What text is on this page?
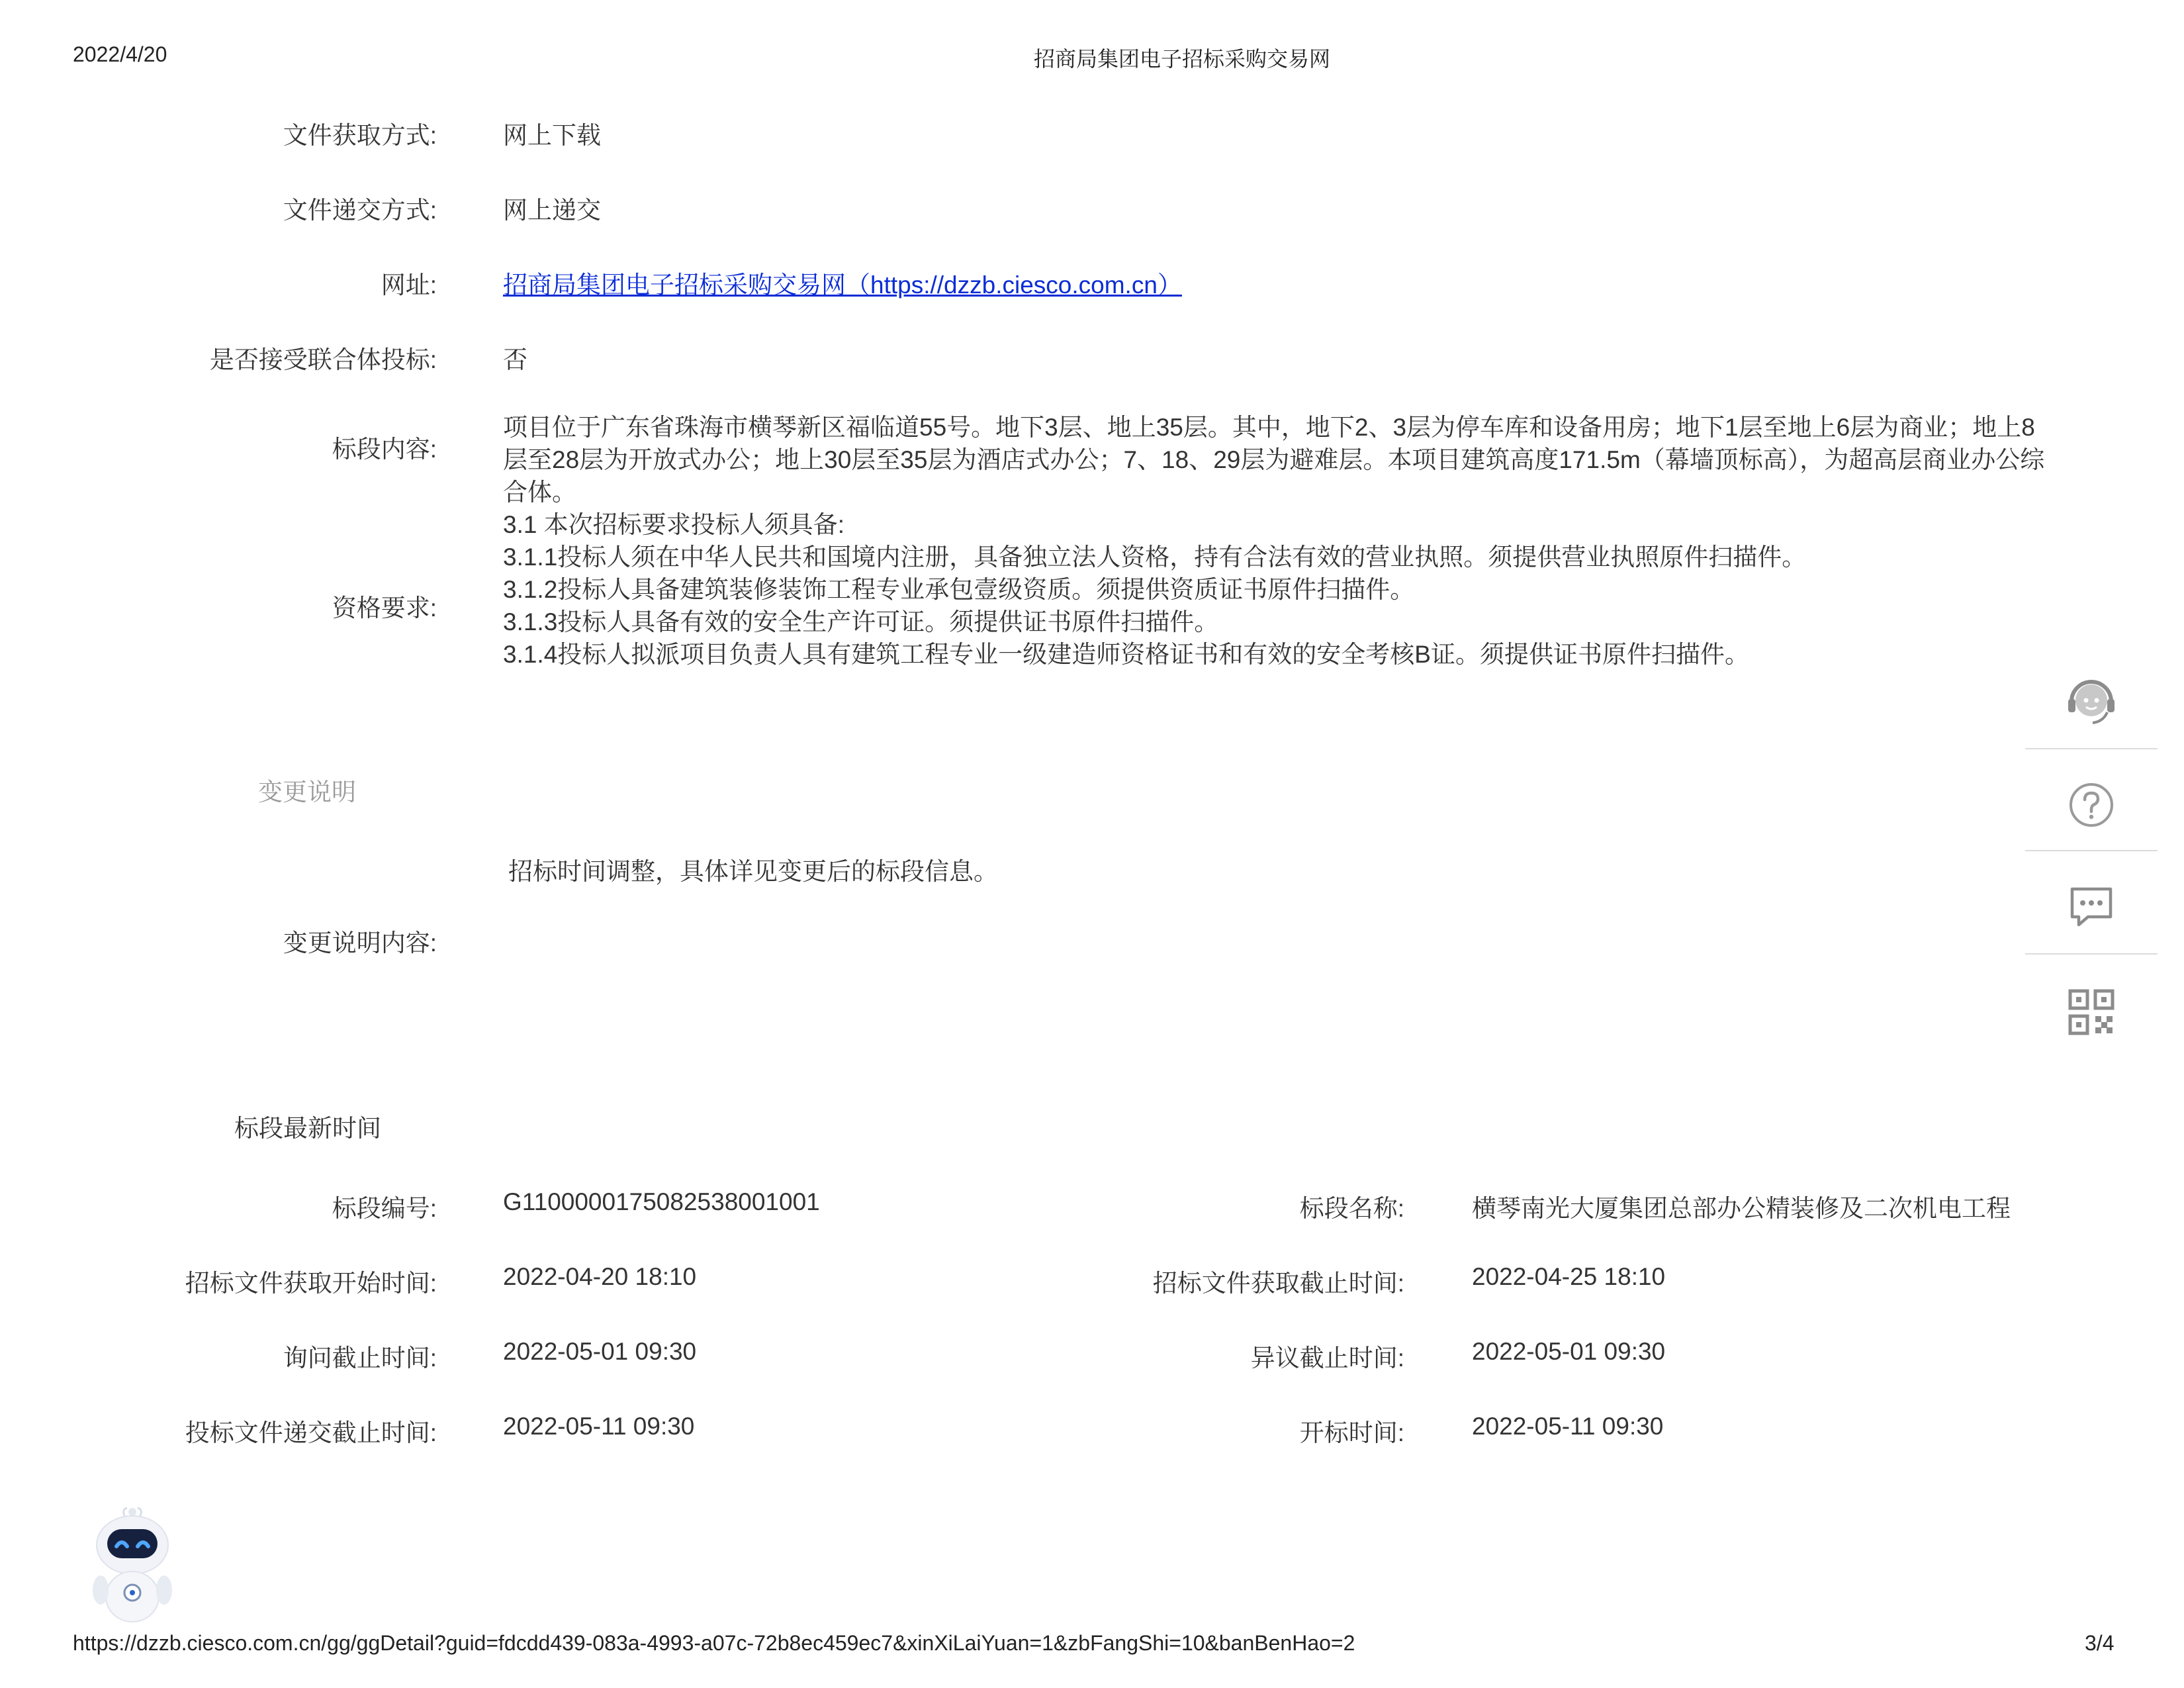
2022/4/20	招商局集团电子招标采购交易网
文件获取方式:	网上下载
文件递交方式:	网上递交
网址:	招商局集团电子招标采购交易网（https://dzzb.ciesco.com.cn）
是否接受联合体投标:	否
标段内容:
项目位于广东省珠海市横琴新区福临道55号。地下3层、地上35层。其中，地下2、3层为停车库和设备用房；地下1层至地上6层为商业；地上8层至28层为开放式办公；地上30层至35层为酒店式办公；7、18、29层为避难层。本项目建筑高度171.5m（幕墙顶标高），为超高层商业办公综合体。
资格要求:
3.1 本次招标要求投标人须具备:
3.1.1投标人须在中华人民共和国境内注册，具备独立法人资格，持有合法有效的营业执照。须提供营业执照原件扫描件。
3.1.2投标人具备建筑装修装饰工程专业承包壹级资质。须提供资质证书原件扫描件。
3.1.3投标人具备有效的安全生产许可证。须提供证书原件扫描件。
3.1.4投标人拟派项目负责人具有建筑工程专业一级建造师资格证书和有效的安全考核B证。须提供证书原件扫描件。
变更说明
招标时间调整，具体详见变更后的标段信息。
变更说明内容:
标段最新时间
标段编号:	G1100000175082538001001	标段名称:	横琴南光大厦集团总部办公精装修及二次机电工程
招标文件获取开始时间:	2022-04-20 18:10	招标文件获取截止时间:	2022-04-25 18:10
询问截止时间:	2022-05-01 09:30	异议截止时间:	2022-05-01 09:30
投标文件递交截止时间:	2022-05-11 09:30	开标时间:	2022-05-11 09:30
https://dzzb.ciesco.com.cn/gg/ggDetail?guid=fdcdd439-083a-4993-a07c-72b8ec459ec7&xinXiLaiYuan=1&zbFangShi=10&banBenHao=2	3/4
